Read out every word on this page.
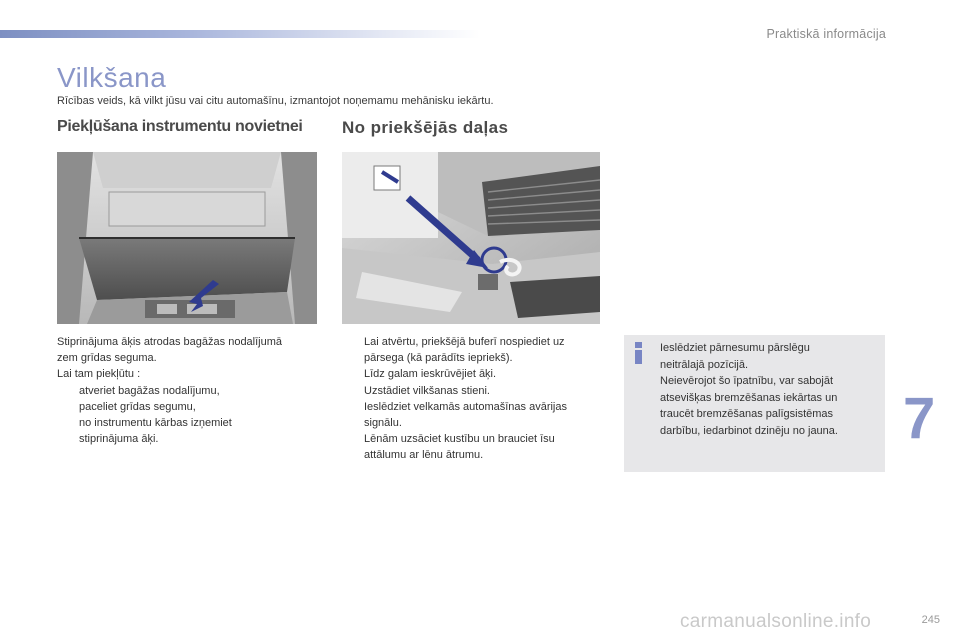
Praktiskā informācija
Vilkšana
Rīcības veids, kā vilkt jūsu vai citu automašīnu, izmantojot noņemamu mehānisku iekārtu.
Piekļūšana instrumentu novietnei No priekšējās daļas
Stiprinājuma āķis atrodas bagāžas nodalījumā
zem grīdas seguma.
Lai tam piekļūtu :
atveriet bagāžas nodalījumu,
paceliet grīdas segumu,
no instrumentu kārbas izņemiet
stiprinājuma āķi.
Lai atvērtu, priekšējā buferī nospiediet uz
pārsega (kā parādīts iepriekš).
Līdz galam ieskrūvējiet āķi.
Uzstādiet vilkšanas stieni.
Ieslēdziet velkamās automašīnas avārijas
signālu.
Lēnām uzsāciet kustību un brauciet īsu
attālumu ar lēnu ātrumu.
Ieslēdziet pārnesumu pārslēgu
neitrālajā pozīcijā.
Neievērojot šo īpatnību, var sabojāt
atsevišķas bremzēšanas iekārtas un
traucēt bremzēšanas palīgsistēmas
darbību, iedarbinot dzinēju no jauna.	7
carmanualsonline.info	245
